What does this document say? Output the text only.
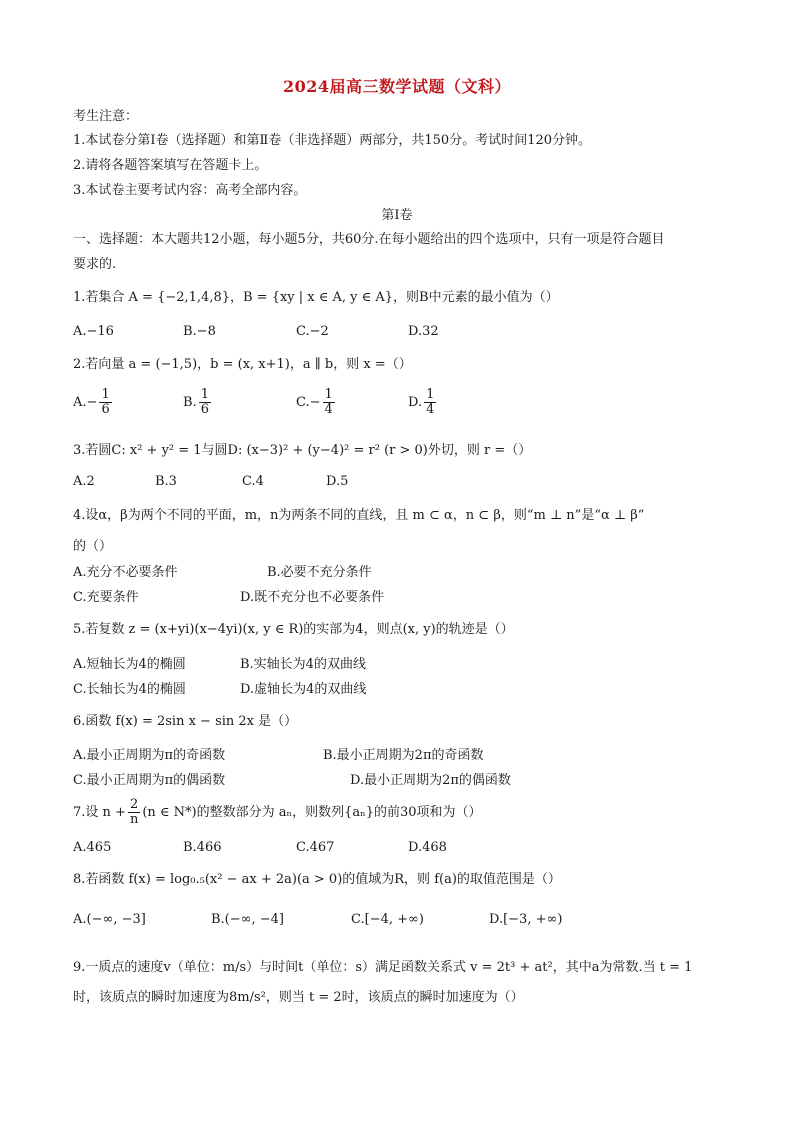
2024届高三数学试题（文科）
考生注意：
1.本试卷分第Ⅰ卷（选择题）和第Ⅱ卷（非选择题）两部分，共150分。考试时间120分钟。
2.请将各题答案填写在答题卡上。
3.本试卷主要考试内容：高考全部内容。
第Ⅰ卷
一、选择题：本大题共12小题，每小题5分，共60分.在每小题给出的四个选项中，只有一项是符合题目
要求的.
1.若集合 A = {−2,1,4,8}，B = {xy | x ∈ A, y ∈ A}，则B中元素的最小值为（）
A.−16	B.−8	C.−2	D.32
2.若向量 a = (−1,5)，b = (x, x+1)，a ∥ b，则 x =（）
$A.- \frac{1}{6}$	B. $\frac{1}{6}$	$C.- \frac{1}{4}$	D. $\frac{1}{4}$
3.若圆C: x² + y² = 1与圆D: (x−3)² + (y−4)² = r² (r > 0)外切，则 r =（）
A.2	B.3	C.4	D.5
4.设α，β为两个不同的平面，m，n为两条不同的直线，且 m ⊂ α，n ⊂ β，则“m ⊥ n”是“α ⊥ β”
的（）
A.充分不必要条件	B.必要不充分条件
C.充要条件	D.既不充分也不必要条件
5.若复数 z = (x+yi)(x−4yi)(x, y ∈ R)的实部为4，则点(x, y)的轨迹是（）
A.短轴长为4的椭圆	B.实轴长为4的双曲线
C.长轴长为4的椭圆	D.虚轴长为4的双曲线
6.函数 f(x) = 2sin x − sin 2x 是（）
A.最小正周期为π的奇函数	B.最小正周期为2π的奇函数
C.最小正周期为π的偶函数	D.最小正周期为2π的偶函数
7.设 $n + \frac{2}{n} (n$ ∈ N*)的整数部分为 aₙ，则数列{aₙ}的前30项和为（）
A.465	B.466	C.467	D.468
8.若函数 f(x) = log₀.₅(x² − ax + 2a)(a > 0)的值域为R，则 f(a)的取值范围是（）
A.(−∞, −3]	B.(−∞, −4]	C.[−4, +∞)	D.[−3, +∞)
9.一质点的速度v（单位：m/s）与时间t（单位：s）满足函数关系式 v = 2t³ + at²，其中a为常数.当 t = 1
时，该质点的瞬时加速度为8m/s²，则当 t = 2时，该质点的瞬时加速度为（）
